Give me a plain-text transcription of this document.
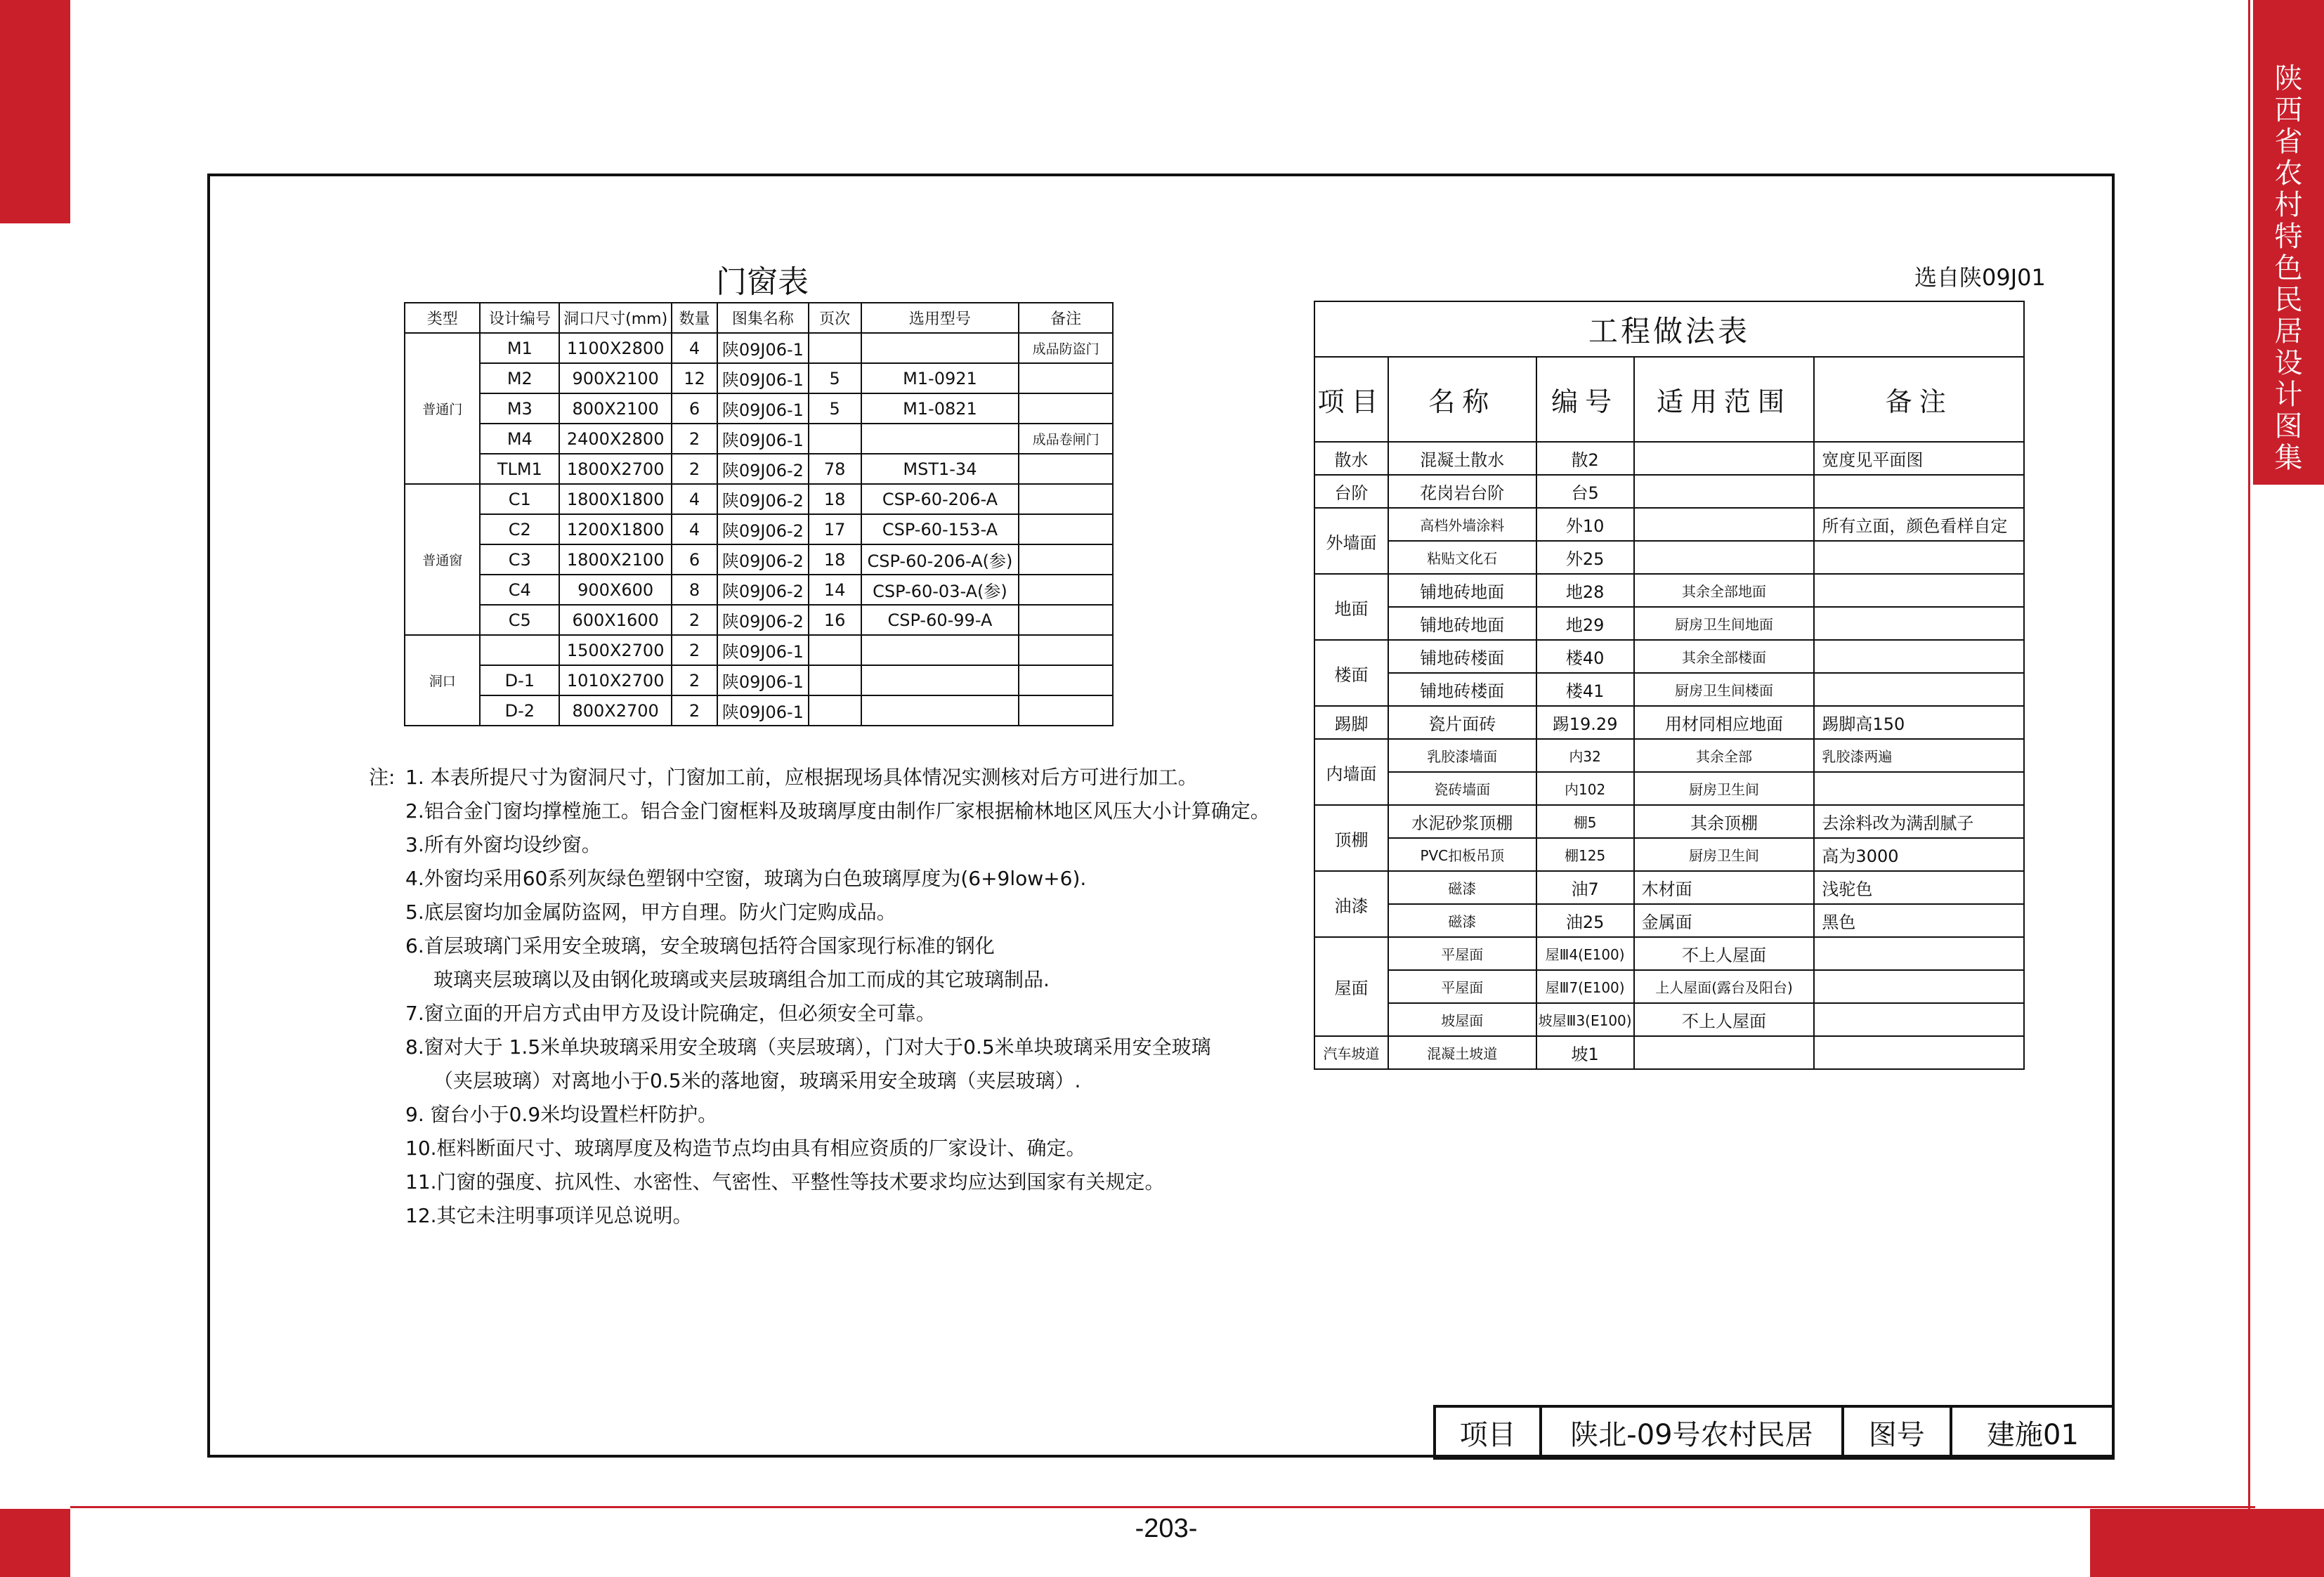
陕
西
省
农
村
特
色
民
居
设
计
图
集
-203-
门窗表
类型	设计编号	洞口尺寸(mm)	数量	图集名称	页次	选用型号	备注
普通门	M1	1100X2800	4	陕09J06-1			成品防盗门
	M2	900X2100	12	陕09J06-1	5	M1-0921	
	M3	800X2100	6	陕09J06-1	5	M1-0821	
	M4	2400X2800	2	陕09J06-1			成品卷闸门
	TLM1	1800X2700	2	陕09J06-2	78	MST1-34	
普通窗	C1	1800X1800	4	陕09J06-2	18	CSP-60-206-A	
	C2	1200X1800	4	陕09J06-2	17	CSP-60-153-A	
	C3	1800X2100	6	陕09J06-2	18	CSP-60-206-A(参)	
	C4	900X600	8	陕09J06-2	14	CSP-60-03-A(参)	
	C5	600X1600	2	陕09J06-2	16	CSP-60-99-A	
洞口		1500X2700	2	陕09J06-1			
	D-1	1010X2700	2	陕09J06-1			
	D-2	800X2700	2	陕09J06-1			
注: 1. 本表所提尺寸为窗洞尺寸，门窗加工前，应根据现场具体情况实测核对后方可进行加工。
2.铝合金门窗均撑樘施工。铝合金门窗框料及玻璃厚度由制作厂家根据榆林地区风压大小计算确定。
3.所有外窗均设纱窗。
4.外窗均采用60系列灰绿色塑钢中空窗，玻璃为白色玻璃厚度为(6+9low+6).
5.底层窗均加金属防盗网，甲方自理。防火门定购成品。
6.首层玻璃门采用安全玻璃，安全玻璃包括符合国家现行标准的钢化
玻璃夹层玻璃以及由钢化玻璃或夹层玻璃组合加工而成的其它玻璃制品.
7.窗立面的开启方式由甲方及设计院确定，但必须安全可靠。
8.窗对大于 1.5米单块玻璃采用安全玻璃（夹层玻璃），门对大于0.5米单块玻璃采用安全玻璃
（夹层玻璃）对离地小于0.5米的落地窗，玻璃采用安全玻璃（夹层玻璃）.
9. 窗台小于0.9米均设置栏杆防护。
10.框料断面尺寸、玻璃厚度及构造节点均由具有相应资质的厂家设计、确定。
11.门窗的强度、抗风性、水密性、气密性、平整性等技术要求均应达到国家有关规定。
12.其它未注明事项详见总说明。
选自陕09J01
工程做法表				
项目	名称	编号	适用范围	备注
散水	混凝土散水	散2		宽度见平面图
台阶	花岗岩台阶	台5		
外墙面	高档外墙涂料	外10		所有立面，颜色看样自定
	粘贴文化石	外25		
地面	铺地砖地面	地28	其余全部地面	
	铺地砖地面	地29	厨房卫生间地面	
楼面	铺地砖楼面	楼40	其余全部楼面	
	铺地砖楼面	楼41	厨房卫生间楼面	
踢脚	瓷片面砖	踢19.29	用材同相应地面	踢脚高150
内墙面	乳胶漆墙面	内32	其余全部	乳胶漆两遍
	瓷砖墙面	内102	厨房卫生间	
顶棚	水泥砂浆顶棚	棚5	其余顶棚	去涂料改为满刮腻子
	PVC扣板吊顶	棚125	厨房卫生间	高为3000
油漆	磁漆	油7	木材面	浅驼色
	磁漆	油25	金属面	黑色
屋面	平屋面	屋Ⅲ4(E100)	不上人屋面	
	平屋面	屋Ⅲ7(E100)	上人屋面(露台及阳台)	
	坡屋面	坡屋Ⅲ3(E100)	不上人屋面	
汽车坡道	混凝土坡道	坡1		
项目	陕北-09号农村民居	图号	建施01
